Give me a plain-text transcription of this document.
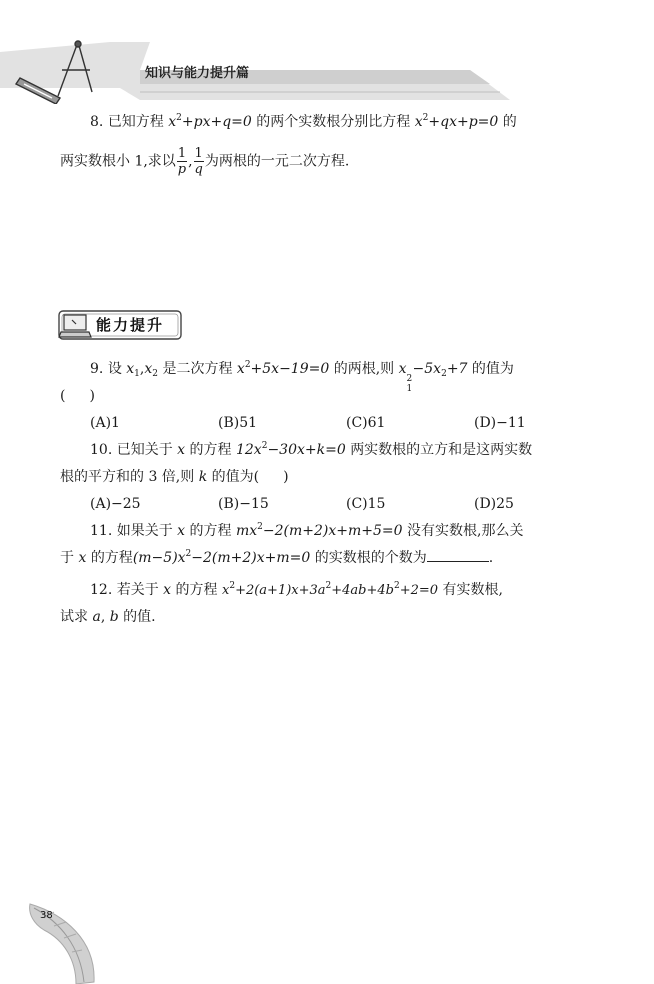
知识与能力提升篇
8. 已知方程 $x^2+px+q=0$ 的两个实数根分别比方程 $x^2+qx+p=0$ 的
两实数根小 1,求以 $\frac{1}{p}$ , $\frac{1}{q}$ 为两根的一元二次方程.
能力提升
9. 设 $x_1,x_2$ 是二次方程 $x^2+5x-19=0$ 的两根,则 x
2
1
$-5x_2+7$ 的值为
( )
(A)1	(B)51	(C)61	(D)−11
10. 已知关于 x 的方程 $12x^2-30x+k=0$ 两实数根的立方和是这两实数
根的平方和的 3 倍,则 k 的值为( )
(A)−25	(B)−15	(C)15	(D)25
11. 如果关于 x 的方程 $mx^2-2(m+2)x+m+5=0$ 没有实数根,那么关
于 x 的方程$(m-5)x^2-2(m+2)x+m=0$ 的实数根的个数为	.
12. 若关于 x 的方程 $x^2+2(a+1)x+3a^2+4ab+4b^2+2=0$ 有实数根,
试求 a, b 的值.
38
